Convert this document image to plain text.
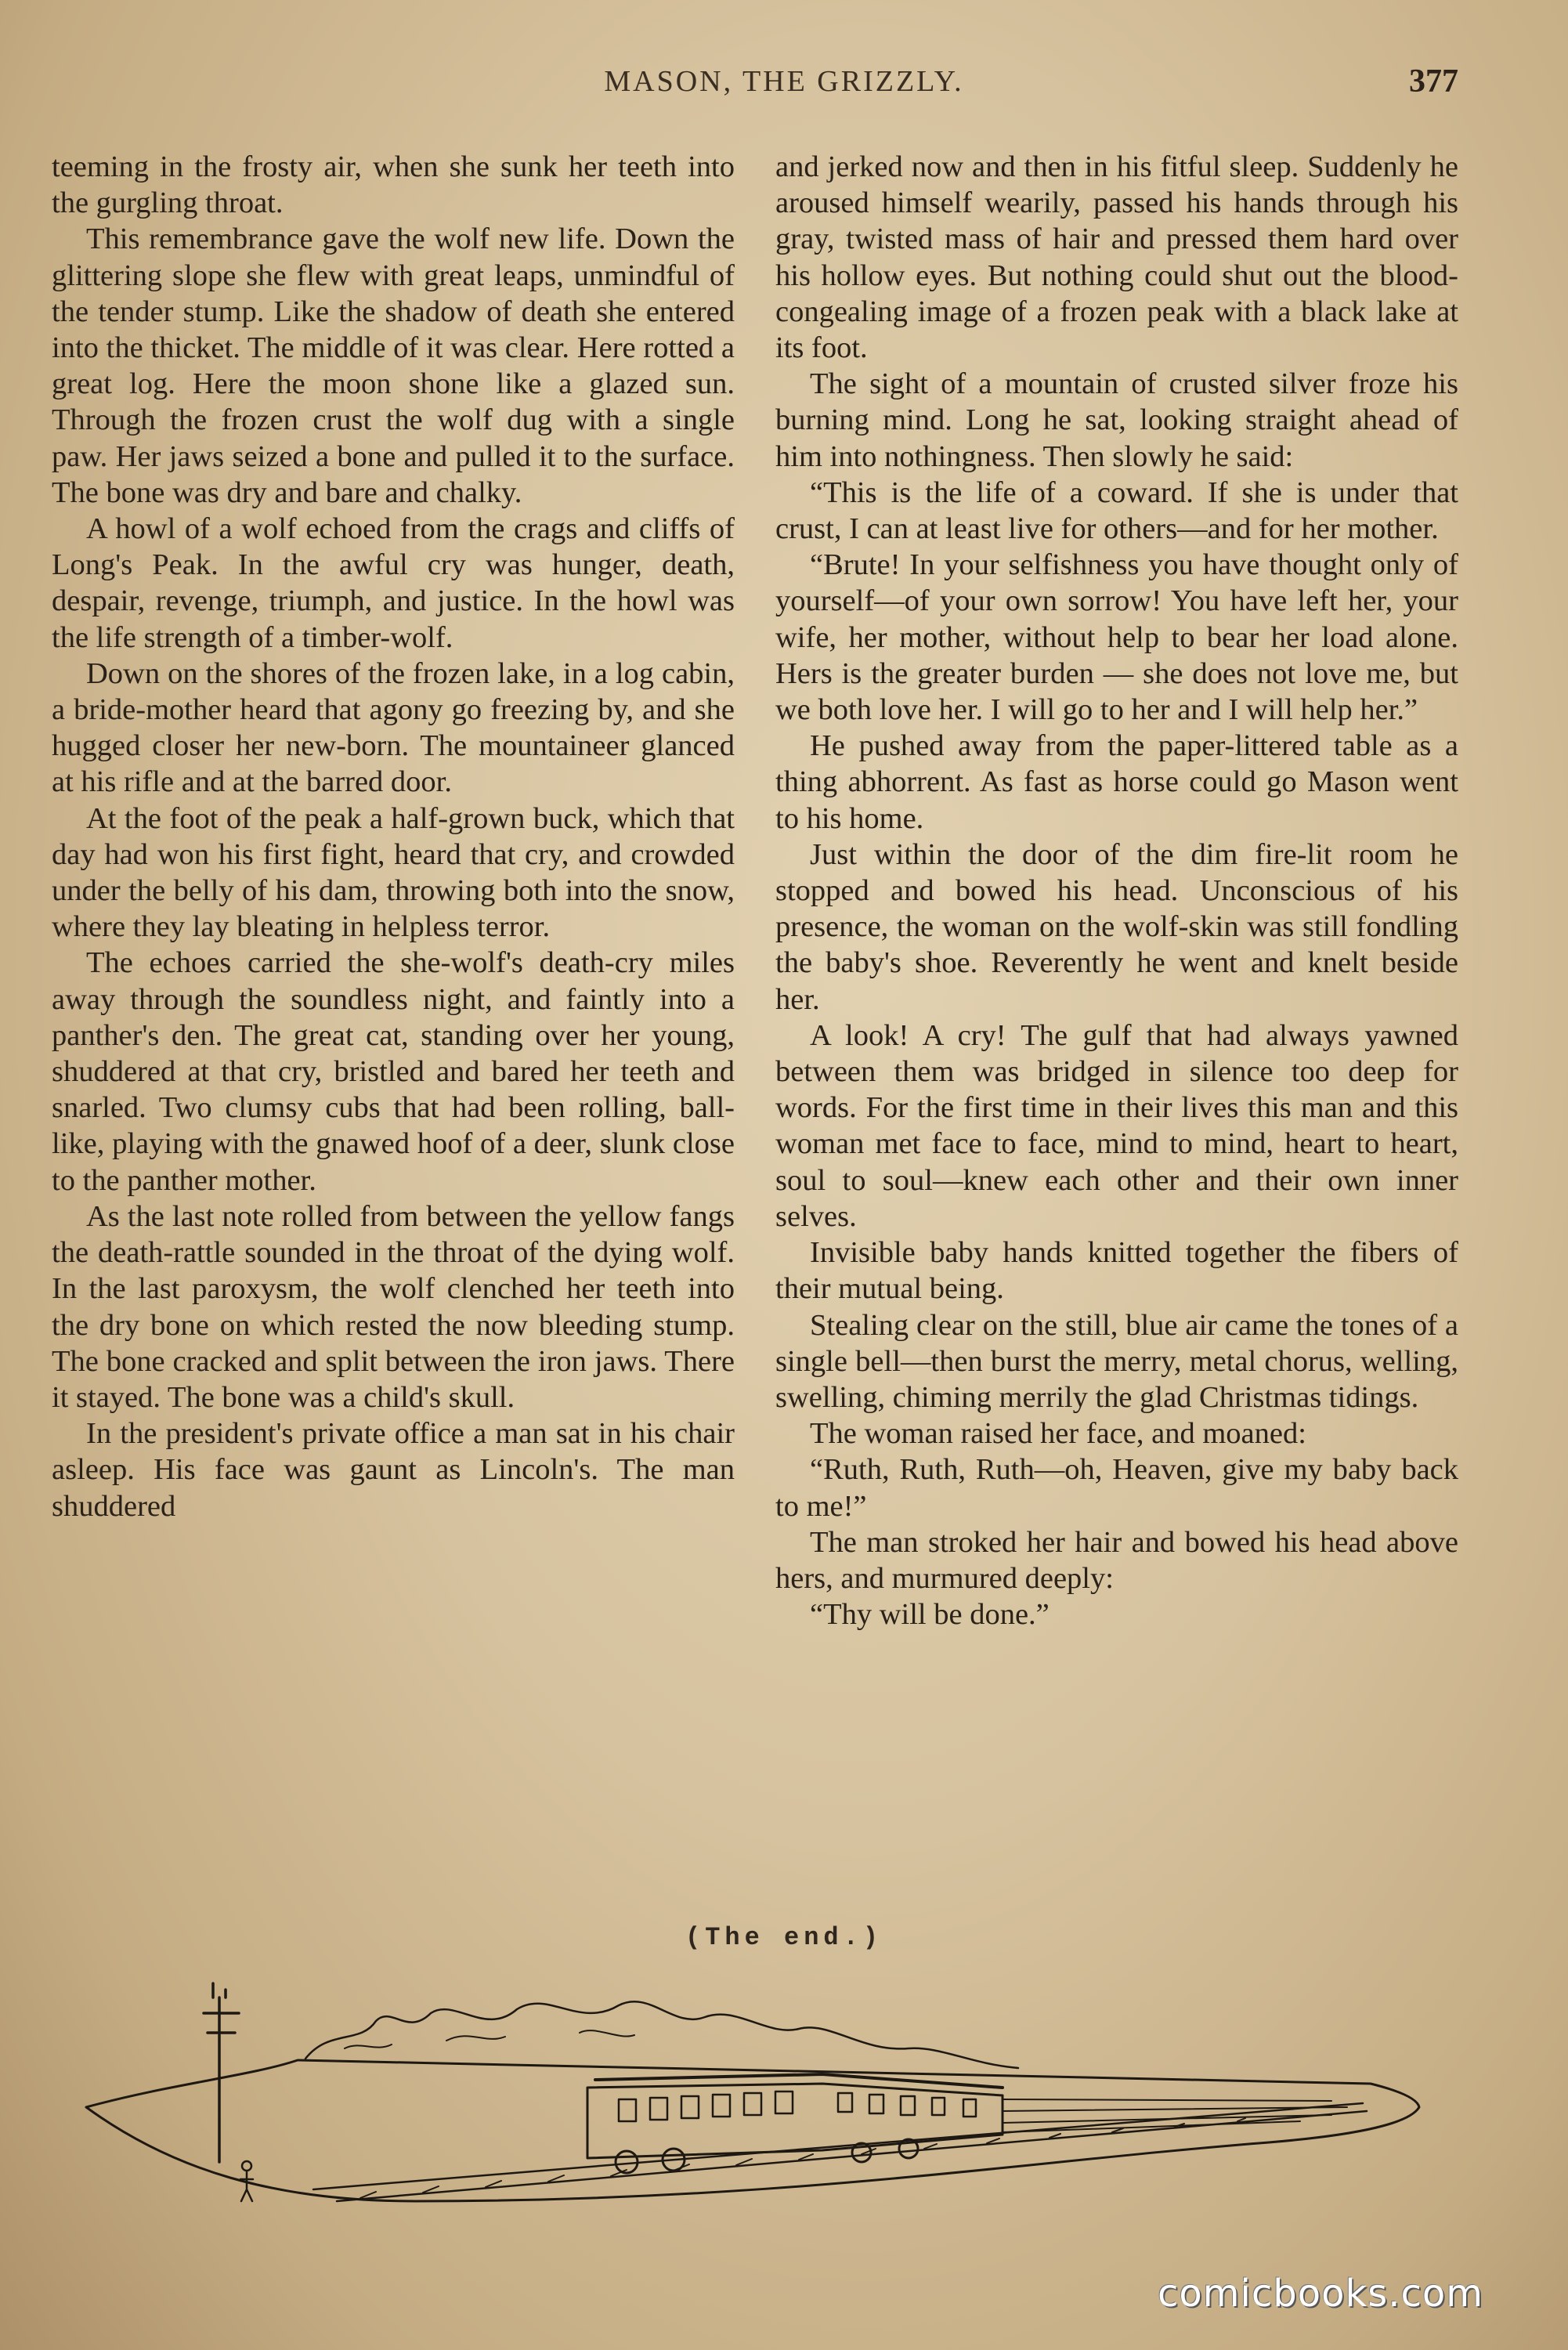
MASON, THE GRIZZLY.	377

teeming in the frosty air, when she sunk her teeth into the gurgling throat.

This remembrance gave the wolf new life. Down the glittering slope she flew with great leaps, unmindful of the tender stump. Like the shadow of death she entered into the thicket. The middle of it was clear. Here rotted a great log. Here the moon shone like a glazed sun. Through the frozen crust the wolf dug with a single paw. Her jaws seized a bone and pulled it to the surface. The bone was dry and bare and chalky.

A howl of a wolf echoed from the crags and cliffs of Long's Peak. In the awful cry was hunger, death, despair, revenge, triumph, and justice. In the howl was the life strength of a timber-wolf.

Down on the shores of the frozen lake, in a log cabin, a bride-mother heard that agony go freezing by, and she hugged closer her new-born. The mountaineer glanced at his rifle and at the barred door.

At the foot of the peak a half-grown buck, which that day had won his first fight, heard that cry, and crowded under the belly of his dam, throwing both into the snow, where they lay bleating in helpless terror.

The echoes carried the she-wolf's death-cry miles away through the soundless night, and faintly into a panther's den. The great cat, standing over her young, shuddered at that cry, bristled and bared her teeth and snarled. Two clumsy cubs that had been rolling, ball-like, playing with the gnawed hoof of a deer, slunk close to the panther mother.

As the last note rolled from between the yellow fangs the death-rattle sounded in the throat of the dying wolf. In the last paroxysm, the wolf clenched her teeth into the dry bone on which rested the now bleeding stump. The bone cracked and split between the iron jaws. There it stayed. The bone was a child's skull.

In the president's private office a man sat in his chair asleep. His face was gaunt as Lincoln's. The man shuddered

and jerked now and then in his fitful sleep. Suddenly he aroused himself wearily, passed his hands through his gray, twisted mass of hair and pressed them hard over his hollow eyes. But nothing could shut out the blood-congealing image of a frozen peak with a black lake at its foot.

The sight of a mountain of crusted silver froze his burning mind. Long he sat, looking straight ahead of him into nothingness. Then slowly he said:

“This is the life of a coward. If she is under that crust, I can at least live for others—and for her mother.

“Brute! In your selfishness you have thought only of yourself—of your own sorrow! You have left her, your wife, her mother, without help to bear her load alone. Hers is the greater burden — she does not love me, but we both love her. I will go to her and I will help her.”

He pushed away from the paper-littered table as a thing abhorrent. As fast as horse could go Mason went to his home.

Just within the door of the dim fire-lit room he stopped and bowed his head. Unconscious of his presence, the woman on the wolf-skin was still fondling the baby's shoe. Reverently he went and knelt beside her.

A look! A cry! The gulf that had always yawned between them was bridged in silence too deep for words. For the first time in their lives this man and this woman met face to face, mind to mind, heart to heart, soul to soul—knew each other and their own inner selves.

Invisible baby hands knitted together the fibers of their mutual being.

Stealing clear on the still, blue air came the tones of a single bell—then burst the merry, metal chorus, welling, swelling, chiming merrily the glad Christmas tidings.

The woman raised her face, and moaned:

“Ruth, Ruth, Ruth—oh, Heaven, give my baby back to me!”

The man stroked her hair and bowed his head above hers, and murmured deeply:

“Thy will be done.”

(The end.)
comicbooks.com
